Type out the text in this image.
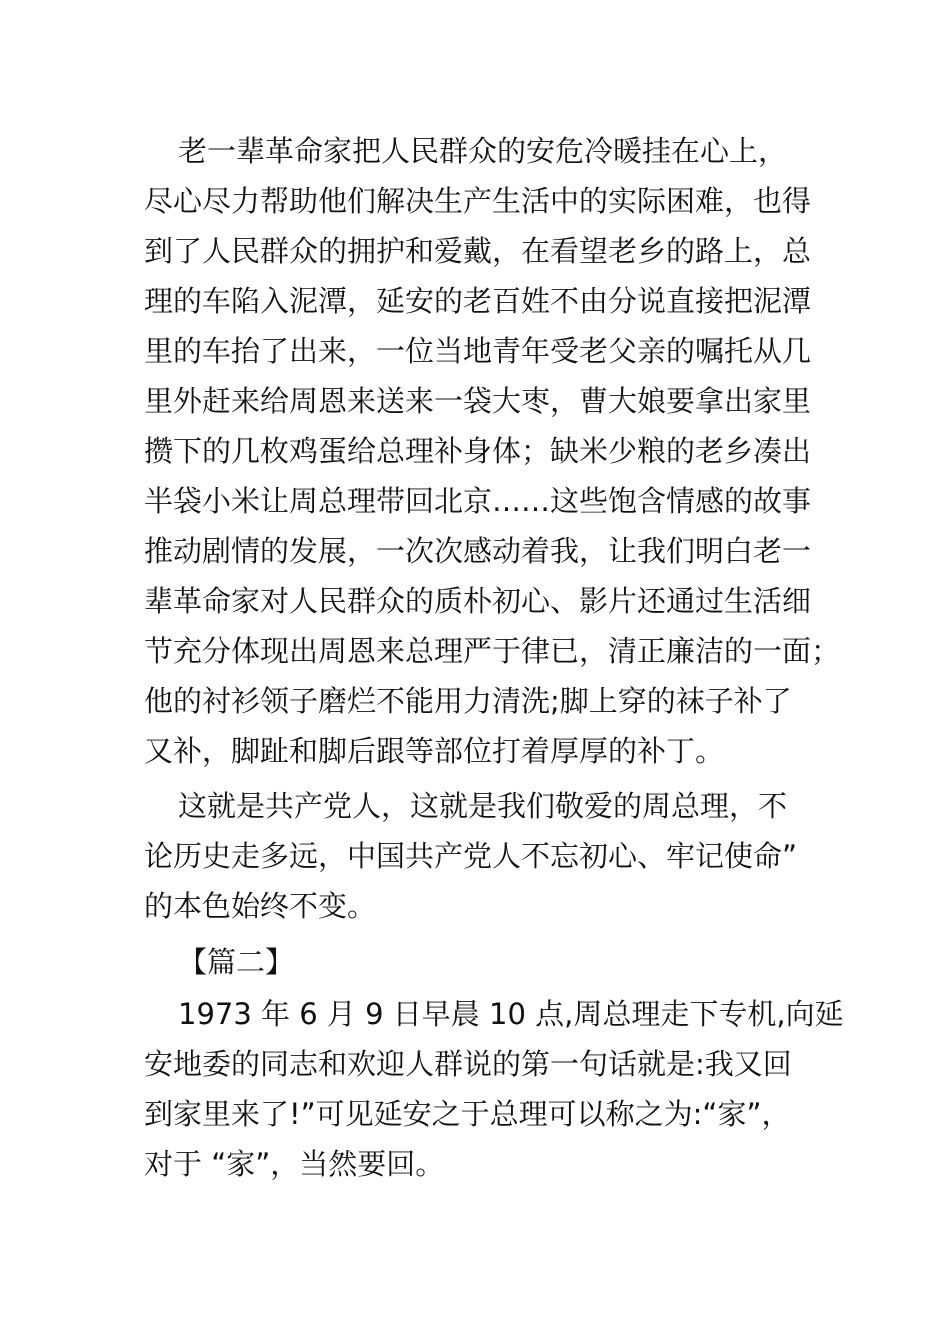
老一辈革命家把人民群众的安危冷暖挂在心上，
尽心尽力帮助他们解决生产生活中的实际困难，也得
到了人民群众的拥护和爱戴，在看望老乡的路上，总
理的车陷入泥潭，延安的老百姓不由分说直接把泥潭
里的车抬了出来，一位当地青年受老父亲的嘱托从几
里外赶来给周恩来送来一袋大枣，曹大娘要拿出家里
攒下的几枚鸡蛋给总理补身体；缺米少粮的老乡凑出
半袋小米让周总理带回北京……这些饱含情感的故事
推动剧情的发展，一次次感动着我，让我们明白老一
辈革命家对人民群众的质朴初心、影片还通过生活细
节充分体现出周恩来总理严于律已，清正廉洁的一面；
他的衬衫领子磨烂不能用力清洗;脚上穿的袜子补了
又补，脚趾和脚后跟等部位打着厚厚的补丁。
这就是共产党人，这就是我们敬爱的周总理，不
论历史走多远，中国共产党人不忘初心、牢记使命”
的本色始终不变。
【篇二】
1973 年 6 月 9 日早晨 10 点,周总理走下专机,向延
安地委的同志和欢迎人群说的第一句话就是:我又回
到家里来了!”可见延安之于总理可以称之为:“家”，
对于 “家”，当然要回。
